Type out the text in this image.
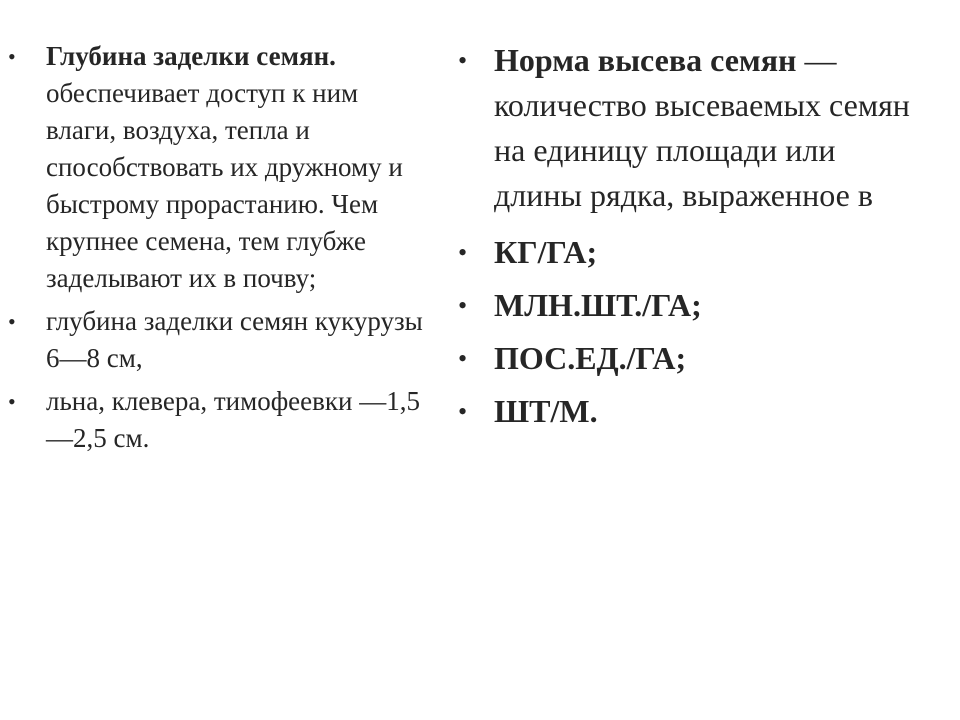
• Глубина заделки семян. обеспечивает доступ к ним влаги, воздуха, тепла и способствовать их дружному и быстрому прорастанию. Чем крупнее семена, тем глубже заделывают их в почву;
• глубина заделки семян кукурузы 6—8 см,
• льна, клевера, тимофеевки —1,5—2,5 см.
• Норма высева семян — количество высеваемых семян на единицу площади или длины рядка, выраженное в
• КГ/ГА;
• МЛН.ШТ./ГА;
• ПОС.ЕД./ГА;
• ШТ/М.
